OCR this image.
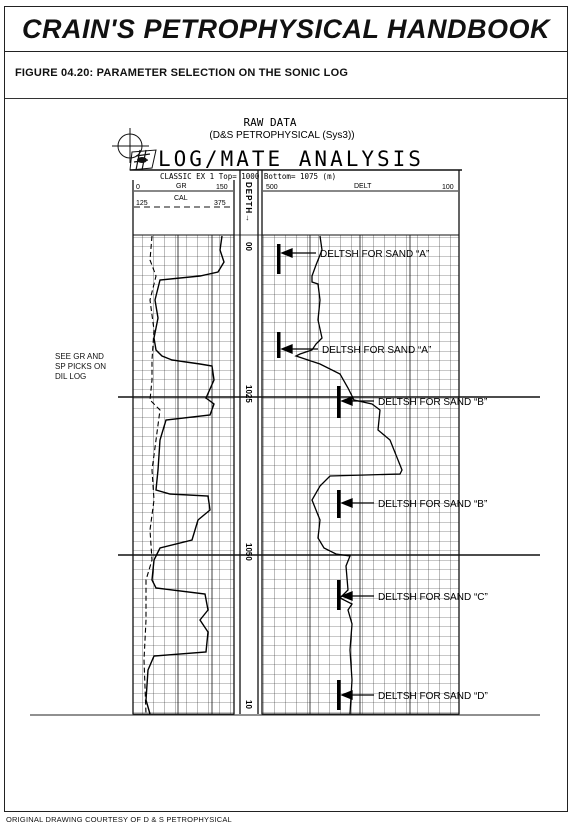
CRAIN'S PETROPHYSICAL HANDBOOK
FIGURE 04.20: PARAMETER SELECTION ON THE SONIC LOG
RAW DATA
(D&S PETROPHYSICAL (Sys3))
LOG/MATE ANALYSIS
CLASSIC EX 1 Top= 1000 Bottom= 1075 (m)
0	GR	150
CAL
125	375 DEPTH→ 500	DELT	100
00
1025
1050
10
DELTSH FOR SAND “A”
DELTSH FOR SAND “A”
DELTSH FOR SAND “B”
DELTSH FOR SAND “B”
DELTSH FOR SAND “C”
DELTSH FOR SAND “D”
SEE GR AND SP PICKS ON DIL LOG
ORIGINAL DRAWING COURTESY OF D & S PETROPHYSICAL
